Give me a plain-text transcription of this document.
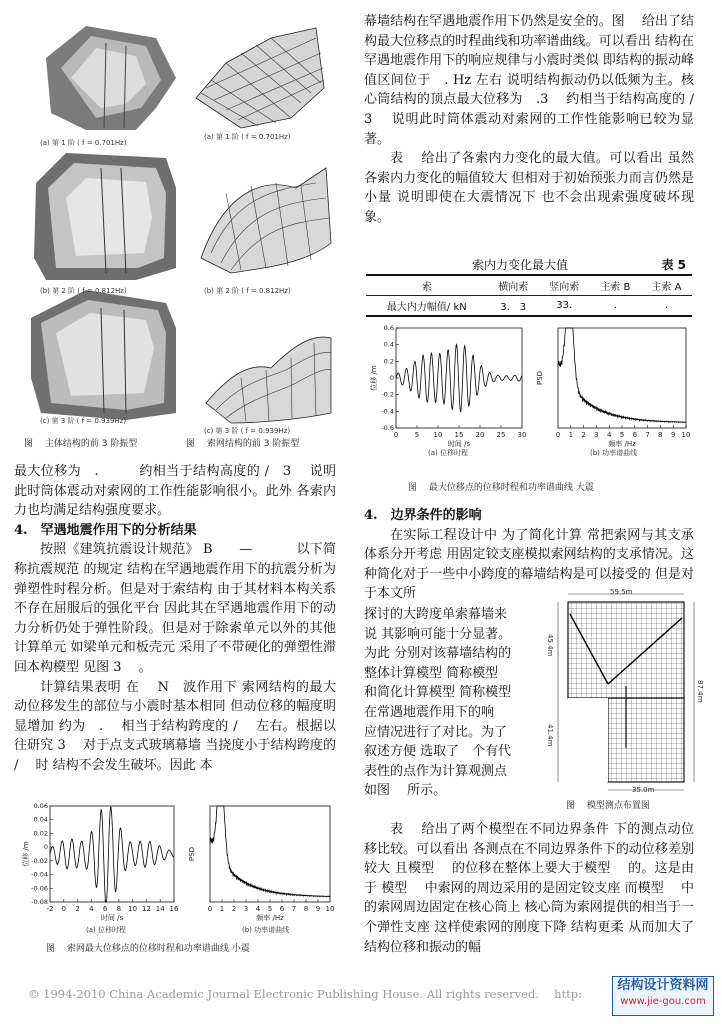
(a) 第 1 阶 ( f = 0.701Hz)
(b) 第 2 阶 ( f = 0.812Hz)
(c) 第 3 阶 ( f = 0.939Hz)
(a) 第 1 阶 ( f = 0.701Hz)
(b) 第 2 阶 ( f = 0.812Hz)
(c) 第 3 阶 ( f = 0.939Hz)
图　 主体结构的前 3 阶振型	图　 索网结构的前 3 阶振型

最大位移为　.　　　约相当于结构高度的 /　3　 说明此时筒体震动对索网的工作性能影响很小。此外 各索内力也均满足结构强度要求。

4.　罕遇地震作用下的分析结果

按照《建筑抗震设计规范》 B　　—　　　 以下简称抗震规范 的规定 结构在罕遇地震作用下的抗震分析为弹塑性时程分析。但是对于索结构 由于其材料本构关系不存在屈服后的强化平台 因此其在罕遇地震作用下的动力分析仍处于弹性阶段。但是对于除索单元以外的其他计算单元 如梁单元和板壳元 采用了不带硬化的弹塑性滞回本构模型 见图 3　 。

计算结果表明 在　 N　波作用下 索网结构的最大动位移发生的部位与小震时基本相同 但动位移的幅度明显增加 约为　.　 相当于结构跨度的 /　 左右。根据以往研究 3　 对于点支式玻璃幕墙 当挠度小于结构跨度的 /　 时 结构不会发生破坏。因此 本

-2 0 2 4 6 8 10 12 14 16
0.06
0.04
0.02
0
-0.02
-0.04
-0.06
-0.08
时间 /s
位移 /m
0 1 2 3 4 5 6 7 8 9 10
频率 /Hz
PSD
(a) 位移时程	(b) 功率谱曲线
图　 索网最大位移点的位移时程和功率谱曲线 小震

幕墙结构在罕遇地震作用下仍然是安全的。图　 给出了结构最大位移点的时程曲线和功率谱曲线。可以看出 结构在罕遇地震作用下的响应规律与小震时类似 即结构的振动峰值区间位于　. Hz 左右 说明结构振动仍以低频为主。核心筒结构的顶点最大位移为　.3　 约相当于结构高度的 /3　 说明此时筒体震动对索网的工作性能影响已较为显著。

表　 给出了各索内力变化的最大值。可以看出 虽然各索内力变化的幅值较大 但相对于初始预张力而言仍然是小量 说明即使在大震情况下 也不会出现索强度破坏现象。

索内力变化最大值	表 5
索	横向索	竖向索	主索 B	主索 A
最大内力幅值/ kN	3.　3	33.	.	.
0 5 10 15 20 25 30
0.6
0.4
0.2
0
-0.2
-0.4
-0.6
时间 /s
位移 /m
0 1 2 3 4 5 6 7 8 9 10
频率 /Hz
PSD
(a) 位移时程	(b) 功率谱曲线
图　 最大位移点的位移时程和功率谱曲线 大震

4.　边界条件的影响

在实际工程设计中 为了简化计算 常把索网与其支承体系分开考虑 用固定铰支座模拟索网结构的支承情况。这种简化对于一些中小跨度的幕墙结构是可以接受的 但是对于本文所

探讨的大跨度单索幕墙来

说 其影响可能十分显著。

为此 分别对该幕墙结构的

整体计算模型 简称模型

和简化计算模型 简称模型

在常遇地震作用下的响

应情况进行了对比。为了

叙述方便 选取了　个有代

表性的点作为计算观测点

如图　 所示。

59.5m
87.4m
45.4m
35.0m
41.4m
图　 模型测点布置图

表　 给出了两个模型在不同边界条件 下的测点动位移比较。可以看出 各测点在不同边界条件下的动位移差别较大 且模型　 的位移在整体上要大于模型　 的。这是由于 模型　 中索网的周边采用的是固定铰支座 而模型　 中的索网周边固定在核心筒上 核心筒为索网提供的相当于一个弹性支座 这样使索网的刚度下降 结构更柔 从而加大了结构位移和振动的幅

© 1994-2010 China Academic Journal Electronic Publishing House. All rights reserved.　 http:
结构设计资料网
www.jie-gou.com
